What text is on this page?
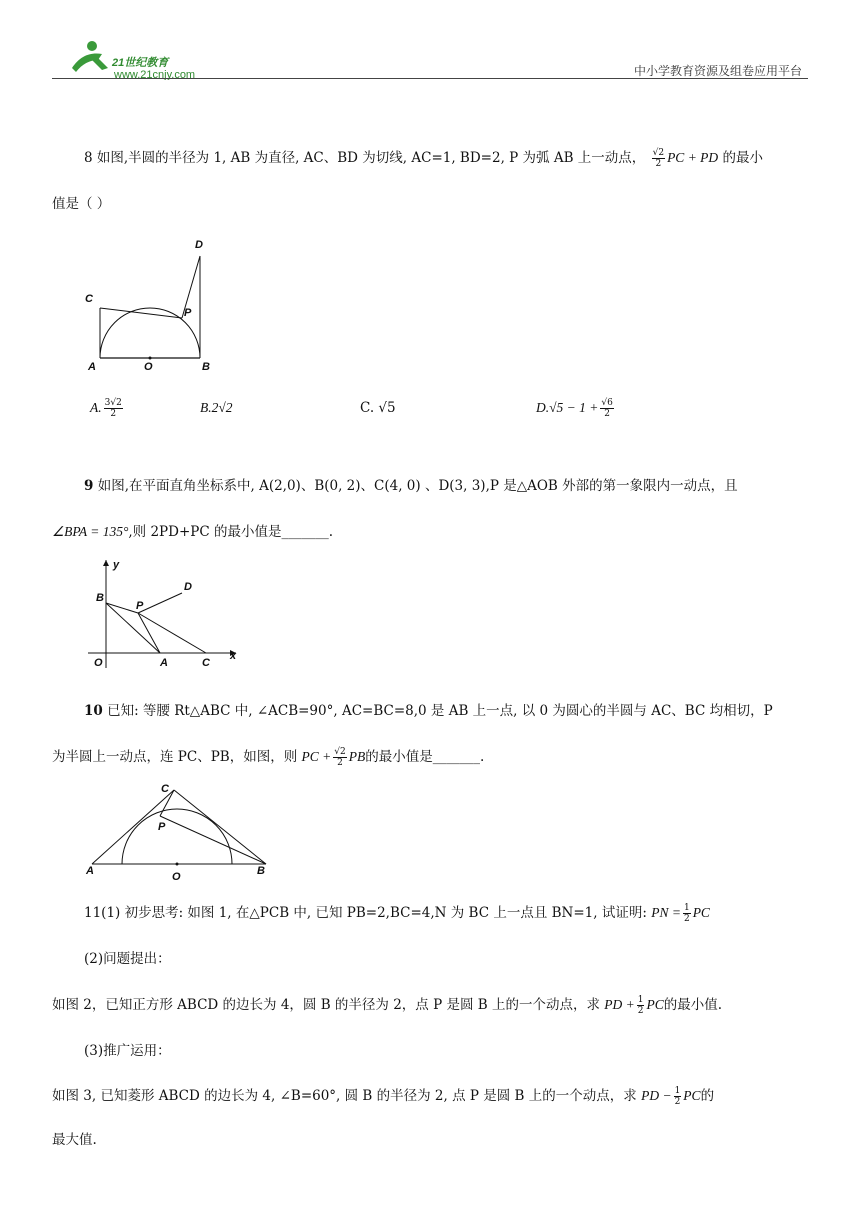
21世纪教育
www.21cnjy.com	中小学教育资源及组卷应用平台
8 如图,半圆的半径为 1, AB 为直径, AC、BD 为切线, AC=1, BD=2, P 为弧 AB 上一动点， $\frac{√2}{2}$ PC + PD 的最小
值是（ ）
C
D
P
A	O	B
A. $\frac{3√2}{2}$	B.2√2	C. √5	$D.√5 - 1 + \frac{√6}{2}$
9 如图,在平面直角坐标系中, A(2,0)、B(0, 2)、C(4, 0) 、D(3, 3),P 是△AOB 外部的第一象限内一动点，且
∠BPA = 135°,则 2PD+PC 的最小值是_______.
y
x
B
P
D
O	A	C
10 已知: 等腰 Rt△ABC 中, ∠ACB=90°, AC=BC=8,0 是 AB 上一点, 以 0 为圆心的半圆与 AC、BC 均相切，P
为半圆上一动点，连 PC、PB，如图，则 PC + $\frac{√2}{2}$ PB的最小值是_______.
C
P
A	O	B
11(1) 初步思考: 如图 1, 在△PCB 中, 已知 PB=2,BC=4,N 为 BC 上一点且 BN=1, 试证明: PN = $\frac{1}{2}$ PC
(2)问题提出：
如图 2，已知正方形 ABCD 的边长为 4，圆 B 的半径为 2，点 P 是圆 B 上的一个动点，求 PD + $\frac{1}{2}$ PC的最小值.
(3)推广运用：
如图 3, 已知菱形 ABCD 的边长为 4, ∠B=60°, 圆 B 的半径为 2, 点 P 是圆 B 上的一个动点，求 PD − $\frac{1}{2}$ PC的
最大值.
